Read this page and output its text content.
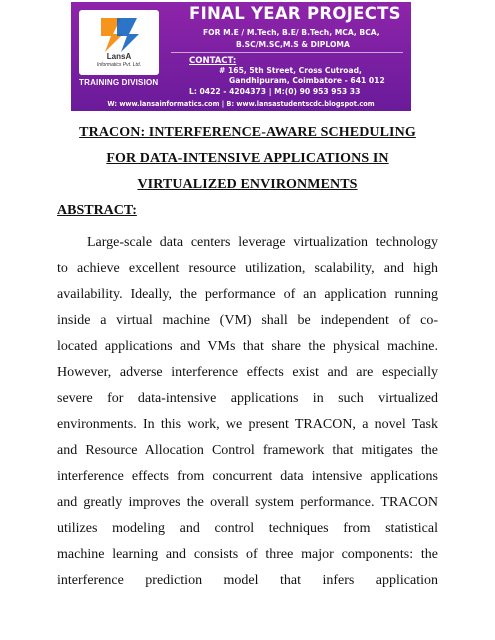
LansA
Informatics Pvt. Ltd.
TRAINING DIVISION
FINAL YEAR PROJECTS
FOR M.E / M.Tech, B.E/ B.Tech, MCA, BCA,
B.SC/M.SC,M.S & DIPLOMA
CONTACT:
# 165, 5th Street, Cross Cutroad,
Gandhipuram, Coimbatore - 641 012
L: 0422 - 4204373 | M:(0) 90 953 953 33
W: www.lansainformatics.com | B: www.lansastudentscdc.blogspot.com
TRACON: INTERFERENCE-AWARE SCHEDULING
FOR DATA-INTENSIVE APPLICATIONS IN
VIRTUALIZED ENVIRONMENTS
ABSTRACT:
Large-scale data centers leverage virtualization technology
to achieve excellent resource utilization, scalability, and high
availability. Ideally, the performance of an application running
inside a virtual machine (VM) shall be independent of co-
located applications and VMs that share the physical machine.
However, adverse interference effects exist and are especially
severe for data-intensive applications in such virtualized
environments. In this work, we present TRACON, a novel Task
and Resource Allocation Control framework that mitigates the
interference effects from concurrent data intensive applications
and greatly improves the overall system performance. TRACON
utilizes modeling and control techniques from statistical
machine learning and consists of three major components: the
interference prediction model that infers application
